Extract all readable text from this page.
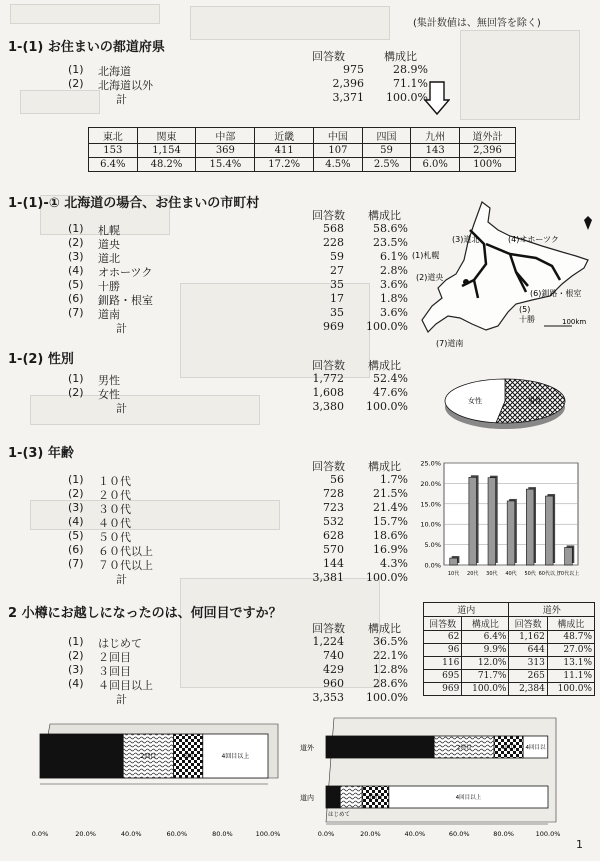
(集計数値は、無回答を除く)
1-(1) お住まいの都道府県
回答数	構成比
(1) 北海道	975	28.9%
(2) 北海道以外	2,396	71.1%
計	3,371	100.0%
東北	関東	中部	近畿	中国	四国	九州	道外計
153	1,154	369	411	107	59	143	2,396
6.4%	48.2%	15.4%	17.2%	4.5%	2.5%	6.0%	100%
1-(1)-① 北海道の場合、お住まいの市町村
回答数 構成比
(1) 札幌	568	58.6%
(2) 道央	228	23.5%
(3) 道北	59	6.1%
(4) オホーツク	27	2.8%
(5) 十勝	35	3.6%
(6) 釧路・根室	17	1.8%
(7) 道南	35	3.6%
計	969	100.0%
(1)札幌
(2)道央
(3)道北	(4)オホーツク
(5)
十勝
(6)釧路・根室
(7)道南
100km
1-(2) 性別	回答数 構成比
(1) 男性	1,772	52.4%
(2) 女性	1,608	47.6%
計	3,380	100.0%	女性	男性
1-(3) 年齢
回答数 構成比
(1) １０代	56	1.7%
(2) ２０代	728	21.5%
(3) ３０代	723	21.4%
(4) ４０代	532	15.7%
(5) ５０代	628	18.6%
(6) ６０代以上	570	16.9%
(7) ７０代以上	144	4.3%
計	3,381	100.0%
0.0%
5.0%
10.0%
15.0%
20.0%
25.0%
10代 20代 30代 40代 50代 60代以上
70代以上
2 小樽にお越しになったのは、何回目ですか？
回答数 構成比
(1) はじめて	1,224	36.5%
(2) ２回目	740	22.1%
(3) ３回目	429	12.8%
(4) ４回目以上	960	28.6%
計	3,353	100.0%
道内		道外	
回答数	構成比	回答数	構成比
62	6.4%	1,162	48.7%
96	9.9%	644	27.0%
116	12.0%	313	13.1%
695	71.7%	265	11.1%
969	100.0%	2,384	100.0%
2回目	3回	4回目以上
0.0%	20.0%	40.0%	60.0%	80.0%	100.0%
道外	2回目	3回目 4回目以
道内
はじめて
3回目	4回目以上
0.0%	20.0%	40.0%	60.0%	80.0%	100.0%
1
